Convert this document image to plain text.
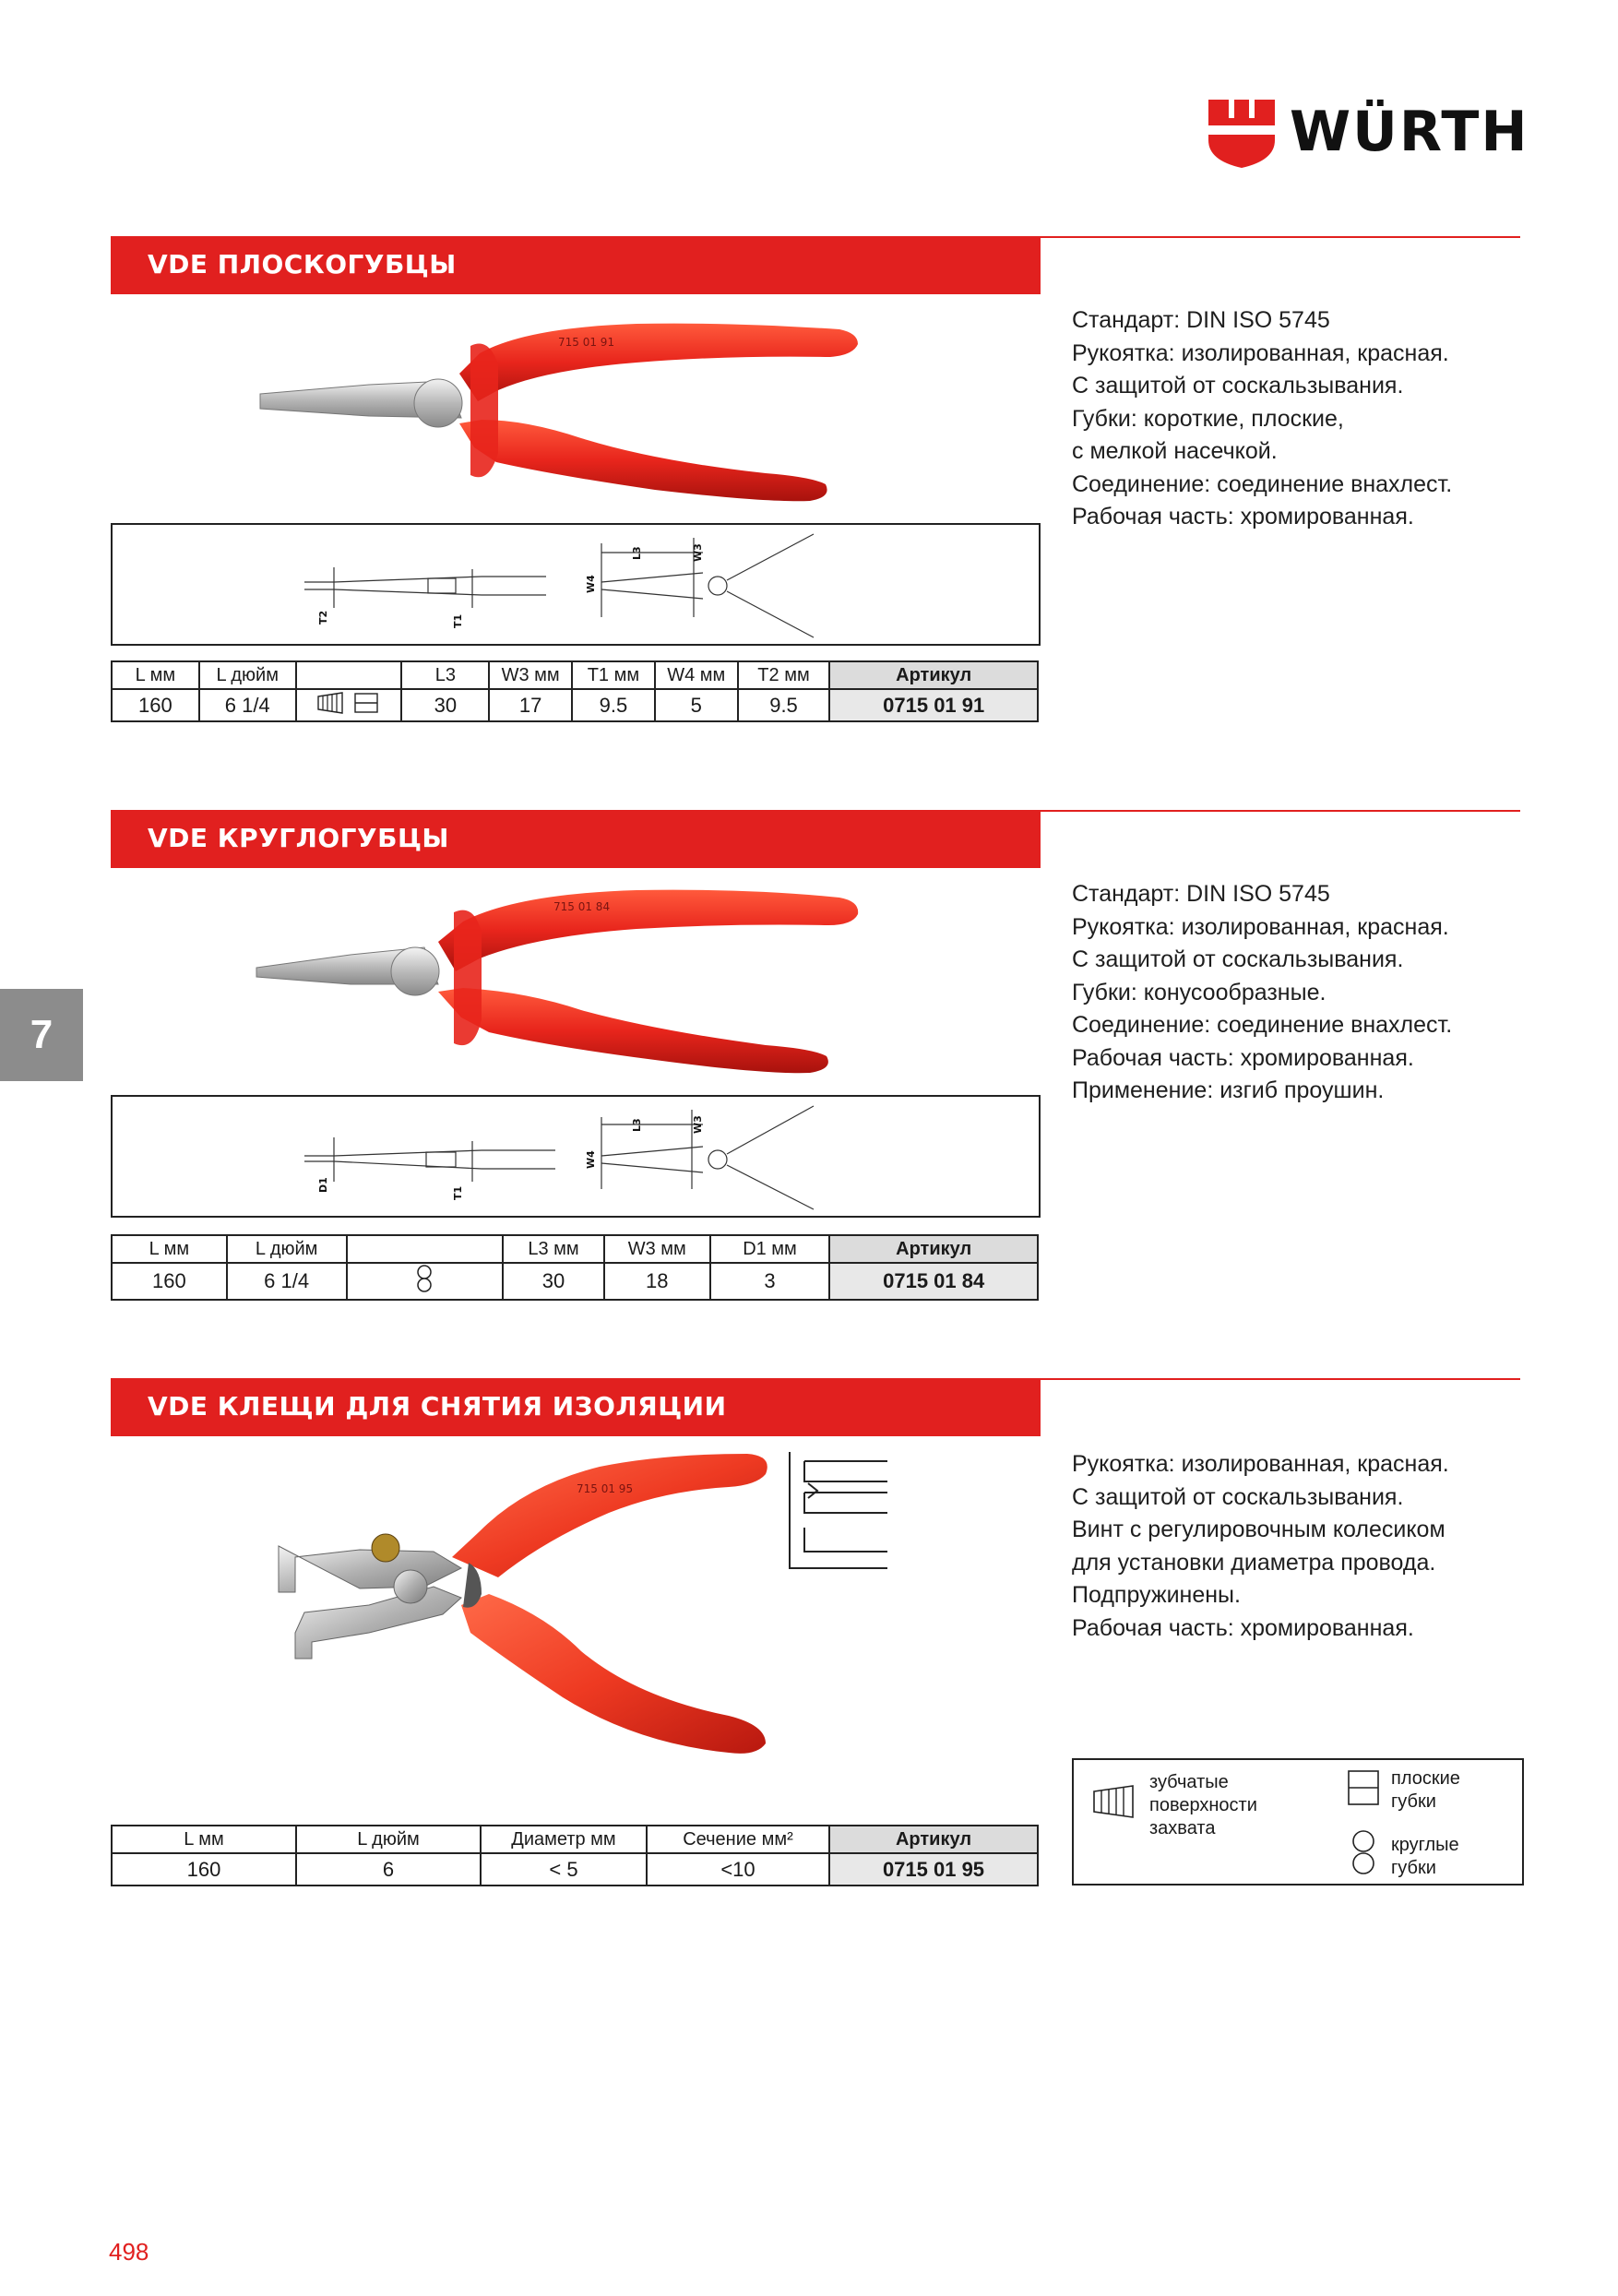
WÜRTH
VDE ПЛОСКОГУБЦЫ
Стандарт: DIN ISO 5745
Рукоятка: изолированная, красная.
С защитой от соскальзывания.
Губки: короткие, плоские,
с мелкой насечкой.
Соединение: соединение внахлест.
Рабочая часть: хромированная.
715 01 91
T2	T1
L3	W3
W4
L мм	L дюйм		L3	W3 мм	T1 мм	W4 мм	T2 мм	Артикул
160	6 1/4		30	17	9.5	5	9.5	0715 01 91
VDE КРУГЛОГУБЦЫ
Стандарт: DIN ISO 5745
Рукоятка: изолированная, красная.
С защитой от соскальзывания.
Губки: конусообразные.
Соединение: соединение внахлест.
Рабочая часть: хромированная.
Применение: изгиб проушин.
715 01 84
D1
T1
L3	W3
W4
L мм	L дюйм		L3 мм	W3 мм	D1 мм	Артикул
160	6 1/4		30	18	3	0715 01 84
VDE КЛЕЩИ ДЛЯ СНЯТИЯ ИЗОЛЯЦИИ
Рукоятка: изолированная, красная.
С защитой от соскальзывания.
Винт с регулировочным колесиком
для установки диаметра провода.
Подпружинены.
Рабочая часть: хромированная.
715 01 95
L мм	L дюйм	Диаметр мм	Сечение мм²	Артикул
160	6	< 5	<10	0715 01 95
зубчатые
поверхности
захвата
плоские
губки
круглые
губки
7
498
